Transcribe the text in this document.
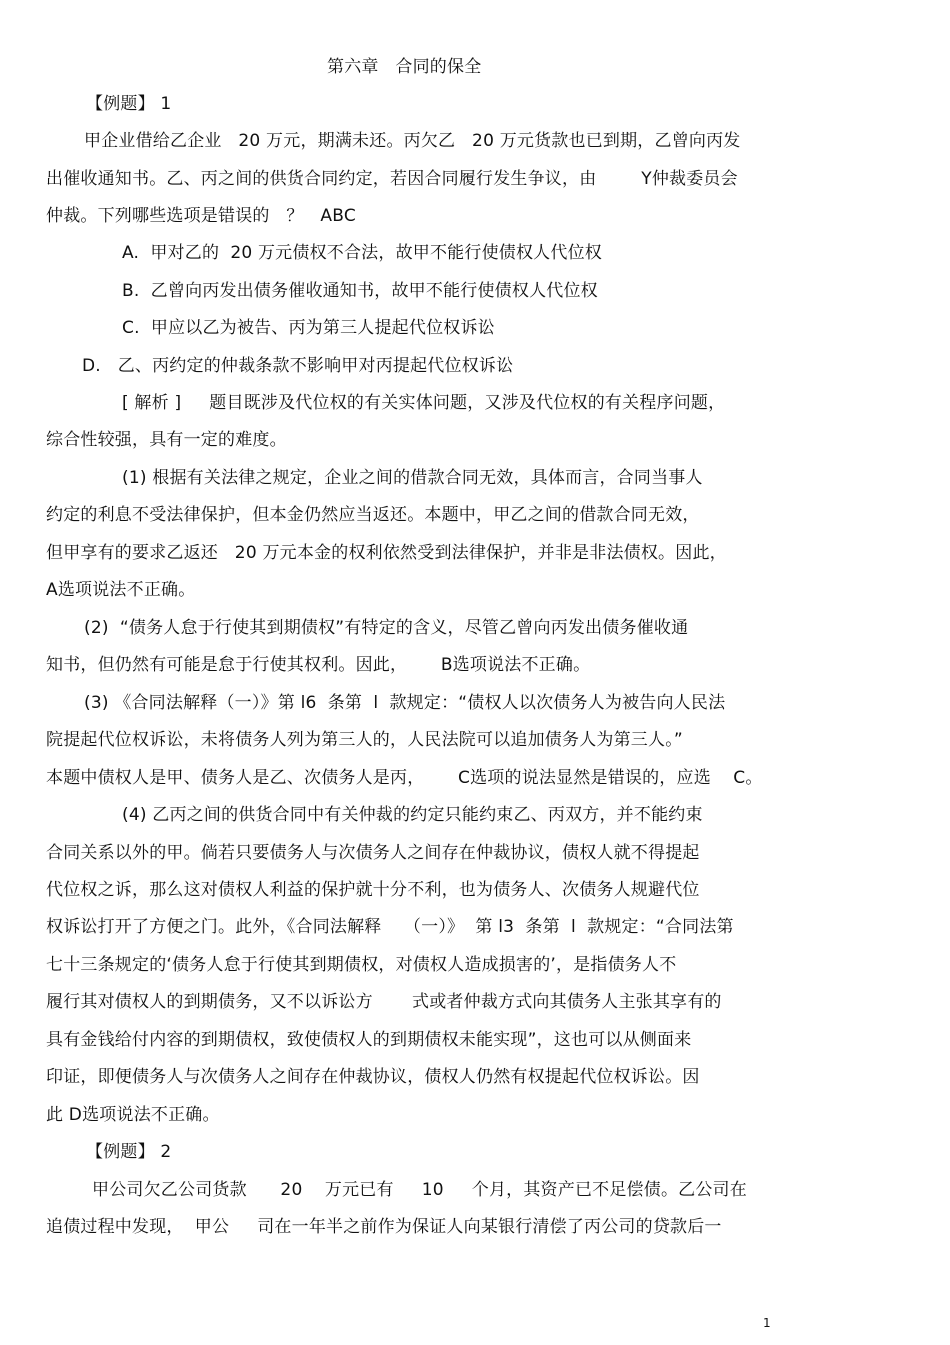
第六章   合同的保全
【例题】 1
甲企业借给乙企业   20 万元，期满未还。丙欠乙   20 万元货款也已到期，乙曾向丙发
出催收通知书。乙、丙之间的供货合同约定，若因合同履行发生争议，由        Y仲裁委员会
仲裁。下列哪些选项是错误的   ？   ABC
A.  甲对乙的  20 万元债权不合法，故甲不能行使债权人代位权
B.  乙曾向丙发出债务催收通知书，故甲不能行使债权人代位权
C.  甲应以乙为被告、丙为第三人提起代位权诉讼
D.   乙、丙约定的仲裁条款不影响甲对丙提起代位权诉讼
[ 解析 ]     题目既涉及代位权的有关实体问题，又涉及代位权的有关程序问题，
综合性较强，具有一定的难度。
(1) 根据有关法律之规定，企业之间的借款合同无效，具体而言，合同当事人
约定的利息不受法律保护，但本金仍然应当返还。本题中，甲乙之间的借款合同无效，
但甲享有的要求乙返还   20 万元本金的权利依然受到法律保护，并非是非法债权。因此，
A选项说法不正确。
(2)  “债务人怠于行使其到期债权”有特定的含义，尽管乙曾向丙发出债务催收通
知书，但仍然有可能是怠于行使其权利。因此，      B选项说法不正确。
(3) 《合同法解释（一）》第 l6  条第  l  款规定：“债权人以次债务人为被告向人民法
院提起代位权诉讼，未将债务人列为第三人的，人民法院可以追加债务人为第三人。”
本题中债权人是甲、债务人是乙、次债务人是丙，      C选项的说法显然是错误的，应选    C。
(4) 乙丙之间的供货合同中有关仲裁的约定只能约束乙、丙双方，并不能约束
合同关系以外的甲。倘若只要债务人与次债务人之间存在仲裁协议，债权人就不得提起
代位权之诉，那么这对债权人利益的保护就十分不利，也为债务人、次债务人规避代位
权诉讼打开了方便之门。此外，《合同法解释    （一）》  第 l3  条第  l  款规定：“合同法第
七十三条规定的‘债务人怠于行使其到期债权，对债权人造成损害的’，是指债务人不
履行其对债权人的到期债务，又不以诉讼方       式或者仲裁方式向其债务人主张其享有的
具有金钱给付内容的到期债权，致使债权人的到期债权未能实现”，这也可以从侧面来
印证，即便债务人与次债务人之间存在仲裁协议，债权人仍然有权提起代位权诉讼。因
此 D选项说法不正确。
【例题】 2
甲公司欠乙公司货款      20    万元已有     10     个月，其资产已不足偿债。乙公司在
追债过程中发现，  甲公     司在一年半之前作为保证人向某银行清偿了丙公司的贷款后一
1
